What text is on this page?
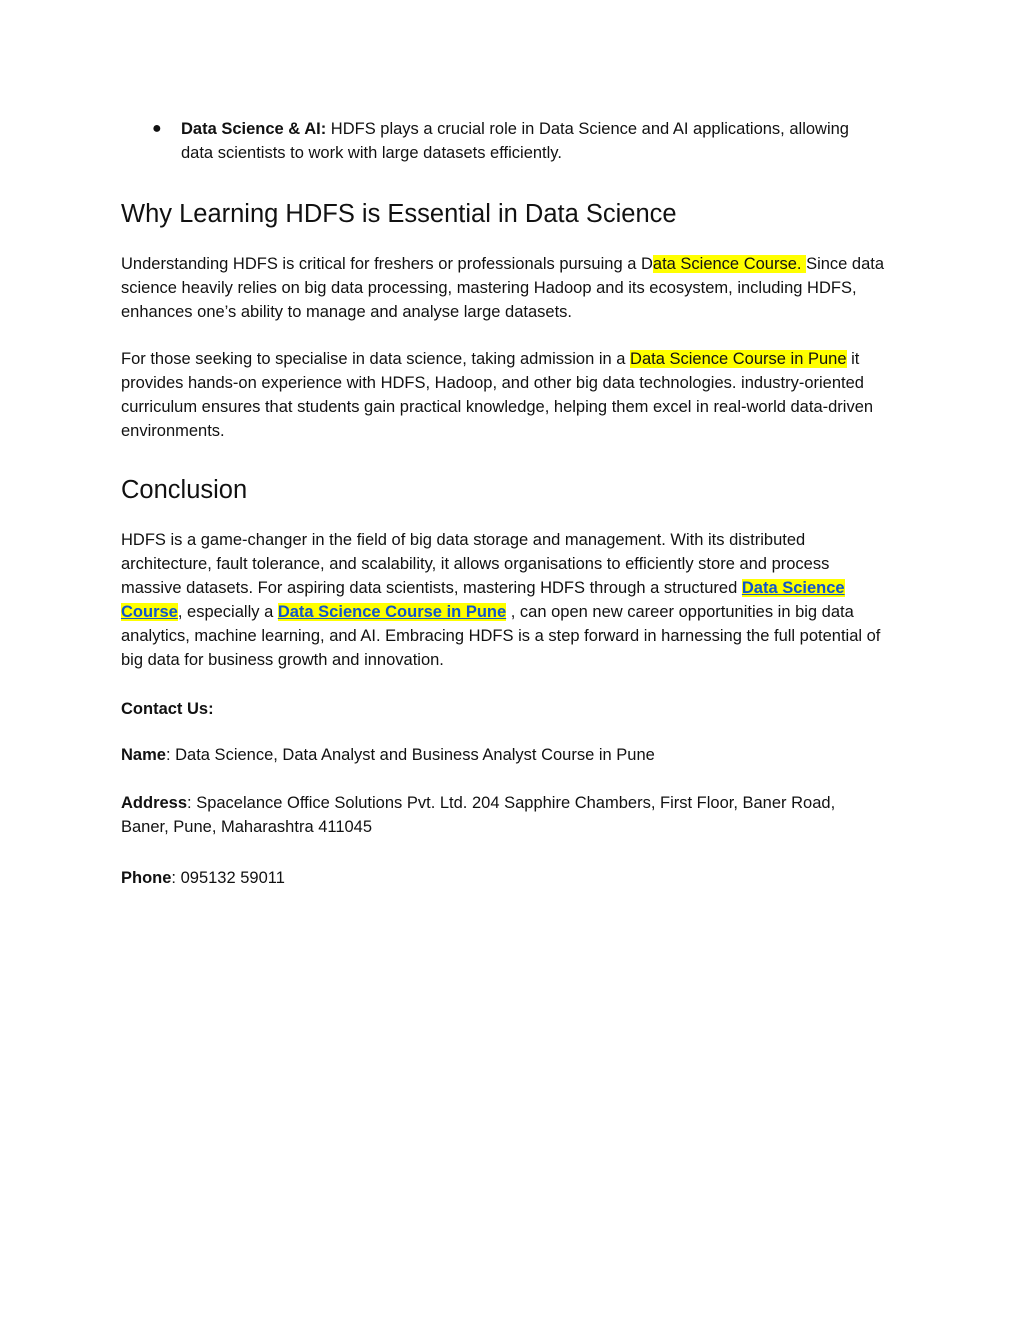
●	Data Science & AI: HDFS plays a crucial role in Data Science and AI applications, allowing data scientists to work with large datasets efficiently.
Why Learning HDFS is Essential in Data Science

Understanding HDFS is critical for freshers or professionals pursuing a Data Science Course. Since data science heavily relies on big data processing, mastering Hadoop and its ecosystem, including HDFS, enhances one’s ability to manage and analyse large datasets.

For those seeking to specialise in data science, taking admission in a Data Science Course in Pune it provides hands-on experience with HDFS, Hadoop, and other big data technologies. industry-oriented curriculum ensures that students gain practical knowledge, helping them excel in real-world data-driven environments.

Conclusion

HDFS is a game-changer in the field of big data storage and management. With its distributed architecture, fault tolerance, and scalability, it allows organisations to efficiently store and process massive datasets. For aspiring data scientists, mastering HDFS through a structured Data Science Course, especially a Data Science Course in Pune , can open new career opportunities in big data analytics, machine learning, and AI. Embracing HDFS is a step forward in harnessing the full potential of big data for business growth and innovation.

Contact Us:

Name: Data Science, Data Analyst and Business Analyst Course in Pune

Address: Spacelance Office Solutions Pvt. Ltd. 204 Sapphire Chambers, First Floor, Baner Road, Baner, Pune, Maharashtra 411045

Phone: 095132 59011
